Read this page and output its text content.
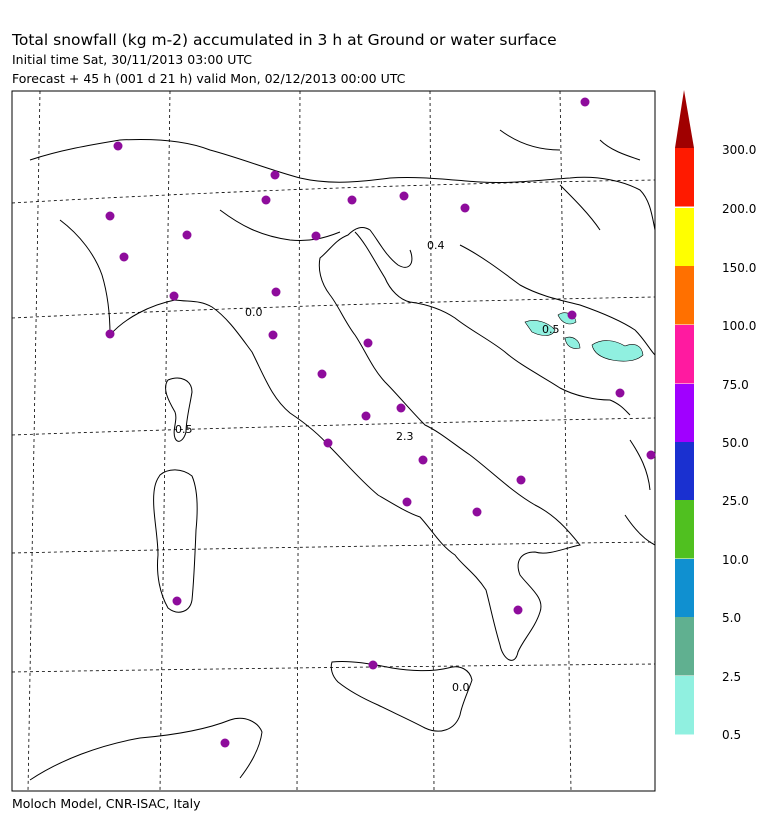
Total snowfall (kg m-2) accumulated in 3 h at Ground or water surface
Initial time Sat, 30/11/2013 03:00 UTC
Forecast + 45 h (001 d 21 h) valid Mon, 02/12/2013 00:00 UTC
0.0
0.4
0.5
0.5
2.3
0.0
300.0
200.0
150.0
100.0
75.0
50.0
25.0
10.0
5.0
2.5
0.5
Moloch Model, CNR-ISAC, Italy
